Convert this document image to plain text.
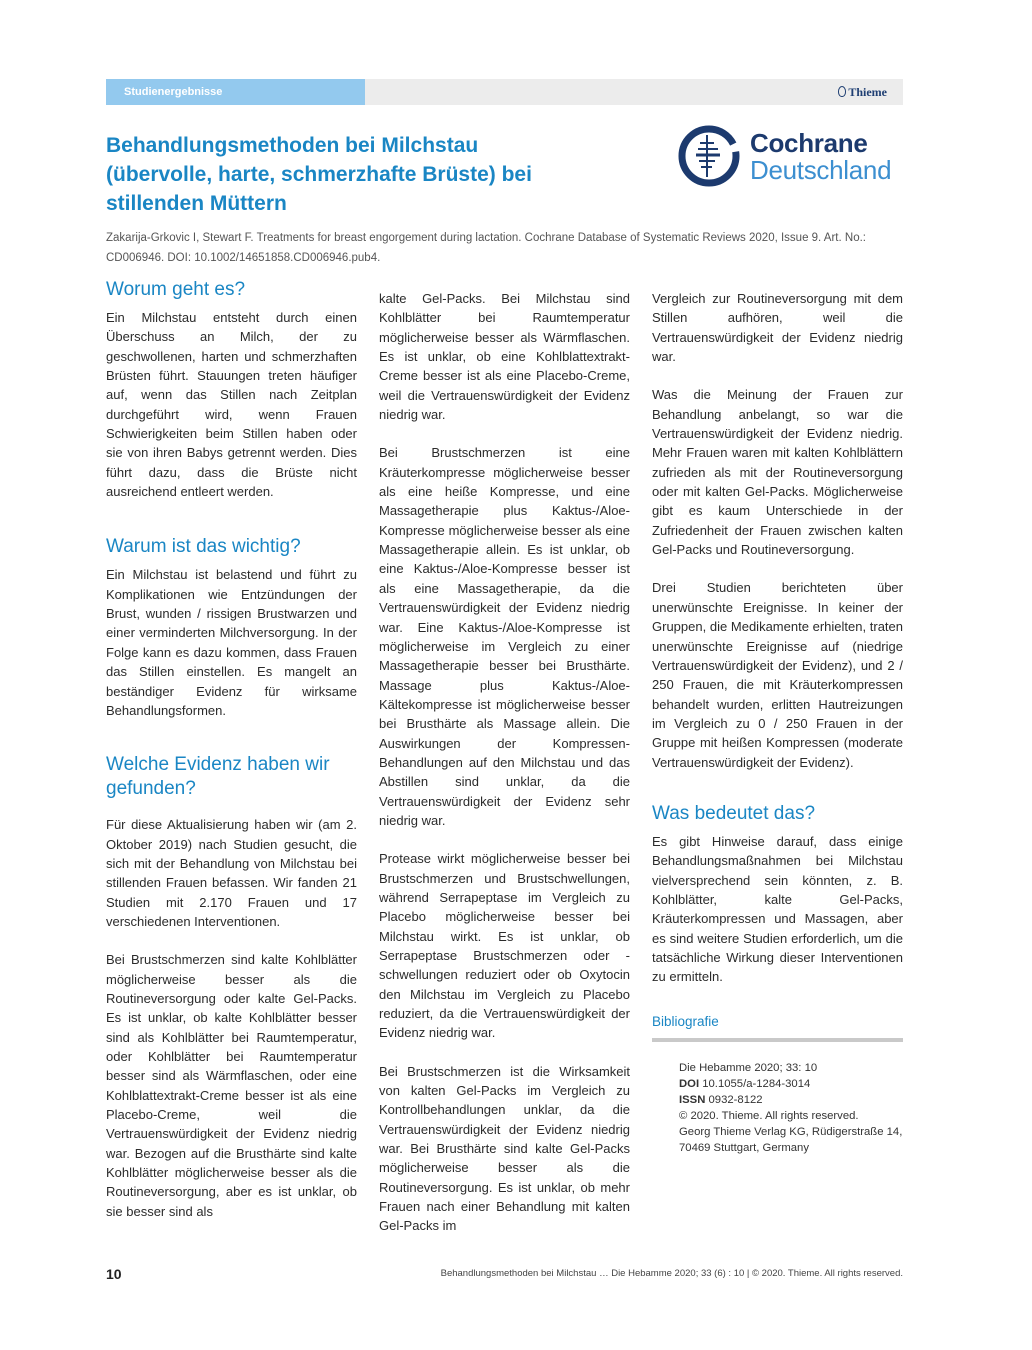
Studienergebnisse	Thieme
Behandlungsmethoden bei Milchstau (übervolle, harte, schmerzhafte Brüste) bei stillenden Müttern
Cochrane
Deutschland
Zakarija-Grkovic I, Stewart F. Treatments for breast engorgement during lactation. Cochrane Database of Systematic Reviews 2020, Issue 9. Art. No.: CD006946. DOI: 10.1002/14651858.CD006946.pub4.
Worum geht es?

Ein Milchstau entsteht durch einen Überschuss an Milch, der zu geschwollenen, harten und schmerzhaften Brüsten führt. Stauungen treten häufiger auf, wenn das Stillen nach Zeitplan durchgeführt wird, wenn Frauen Schwierigkeiten beim Stillen haben oder sie von ihren Babys getrennt werden. Dies führt dazu, dass die Brüste nicht ausreichend entleert werden.

Warum ist das wichtig?

Ein Milchstau ist belastend und führt zu Komplikationen wie Entzündungen der Brust, wunden / rissigen Brustwarzen und einer verminderten Milchversorgung. In der Folge kann es dazu kommen, dass Frauen das Stillen einstellen. Es mangelt an beständiger Evidenz für wirksame Behandlungsformen.

Welche Evidenz haben wir gefunden?

Für diese Aktualisierung haben wir (am 2. Oktober 2019) nach Studien gesucht, die sich mit der Behandlung von Milchstau bei stillenden Frauen befassen. Wir fanden 21 Studien mit 2.170 Frauen und 17 verschiedenen Interventionen.

Bei Brustschmerzen sind kalte Kohlblätter möglicherweise besser als die Routineversorgung oder kalte Gel-Packs. Es ist unklar, ob kalte Kohlblätter besser sind als Kohlblätter bei Raumtemperatur, oder Kohlblätter bei Raumtemperatur besser sind als Wärmflaschen, oder eine Kohlblattextrakt-Creme besser ist als eine Placebo-Creme, weil die Vertrauenswürdigkeit der Evidenz niedrig war. Bezogen auf die Brusthärte sind kalte Kohlblätter möglicherweise besser als die Routineversorgung, aber es ist unklar, ob sie besser sind als

kalte Gel-Packs. Bei Milchstau sind Kohlblätter bei Raumtemperatur möglicherweise besser als Wärmflaschen. Es ist unklar, ob eine Kohlblattextrakt-Creme besser ist als eine Placebo-Creme, weil die Vertrauenswürdigkeit der Evidenz niedrig war.

Bei Brustschmerzen ist eine Kräuterkompresse möglicherweise besser als eine heiße Kompresse, und eine Massagetherapie plus Kaktus-/Aloe-Kompresse möglicherweise besser als eine Massagetherapie allein. Es ist unklar, ob eine Kaktus-/Aloe-Kompresse besser ist als eine Massagetherapie, da die Vertrauenswürdigkeit der Evidenz niedrig war. Eine Kaktus-/Aloe-Kompresse ist möglicherweise im Vergleich zu einer Massagetherapie besser bei Brusthärte. Massage plus Kaktus-/Aloe-Kältekompresse ist möglicherweise besser bei Brusthärte als Massage allein. Die Auswirkungen der Kompressen-Behandlungen auf den Milchstau und das Abstillen sind unklar, da die Vertrauenswürdigkeit der Evidenz sehr niedrig war.

Protease wirkt möglicherweise besser bei Brustschmerzen und Brustschwellungen, während Serrapeptase im Vergleich zu Placebo möglicherweise besser bei Milchstau wirkt. Es ist unklar, ob Serrapeptase Brustschmerzen oder -schwellungen reduziert oder ob Oxytocin den Milchstau im Vergleich zu Placebo reduziert, da die Vertrauenswürdigkeit der Evidenz niedrig war.

Bei Brustschmerzen ist die Wirksamkeit von kalten Gel-Packs im Vergleich zu Kontrollbehandlungen unklar, da die Vertrauenswürdigkeit der Evidenz niedrig war. Bei Brusthärte sind kalte Gel-Packs möglicherweise besser als die Routineversorgung. Es ist unklar, ob mehr Frauen nach einer Behandlung mit kalten Gel-Packs im

Vergleich zur Routineversorgung mit dem Stillen aufhören, weil die Vertrauenswürdigkeit der Evidenz niedrig war.

Was die Meinung der Frauen zur Behandlung anbelangt, so war die Vertrauenswürdigkeit der Evidenz niedrig. Mehr Frauen waren mit kalten Kohlblättern zufrieden als mit der Routineversorgung oder mit kalten Gel-Packs. Möglicherweise gibt es kaum Unterschiede in der Zufriedenheit der Frauen zwischen kalten Gel-Packs und Routineversorgung.

Drei Studien berichteten über unerwünschte Ereignisse. In keiner der Gruppen, die Medikamente erhielten, traten unerwünschte Ereignisse auf (niedrige Vertrauenswürdigkeit der Evidenz), und 2 / 250 Frauen, die mit Kräuterkompressen behandelt wurden, erlitten Hautreizungen im Vergleich zu 0 / 250 Frauen in der Gruppe mit heißen Kompressen (moderate Vertrauenswürdigkeit der Evidenz).

Was bedeutet das?

Es gibt Hinweise darauf, dass einige Behandlungsmaßnahmen bei Milchstau vielversprechend sein könnten, z. B. Kohlblätter, kalte Gel-Packs, Kräuterkompressen und Massagen, aber es sind weitere Studien erforderlich, um die tatsächliche Wirkung dieser Interventionen zu ermitteln.

Bibliografie
Die Hebamme 2020; 33: 10
DOI 10.1055/a-1284-3014
ISSN 0932-8122
© 2020. Thieme. All rights reserved.
Georg Thieme Verlag KG, Rüdigerstraße 14,
70469 Stuttgart, Germany
10	Behandlungsmethoden bei Milchstau … Die Hebamme 2020; 33 (6) : 10 | © 2020. Thieme. All rights reserved.
